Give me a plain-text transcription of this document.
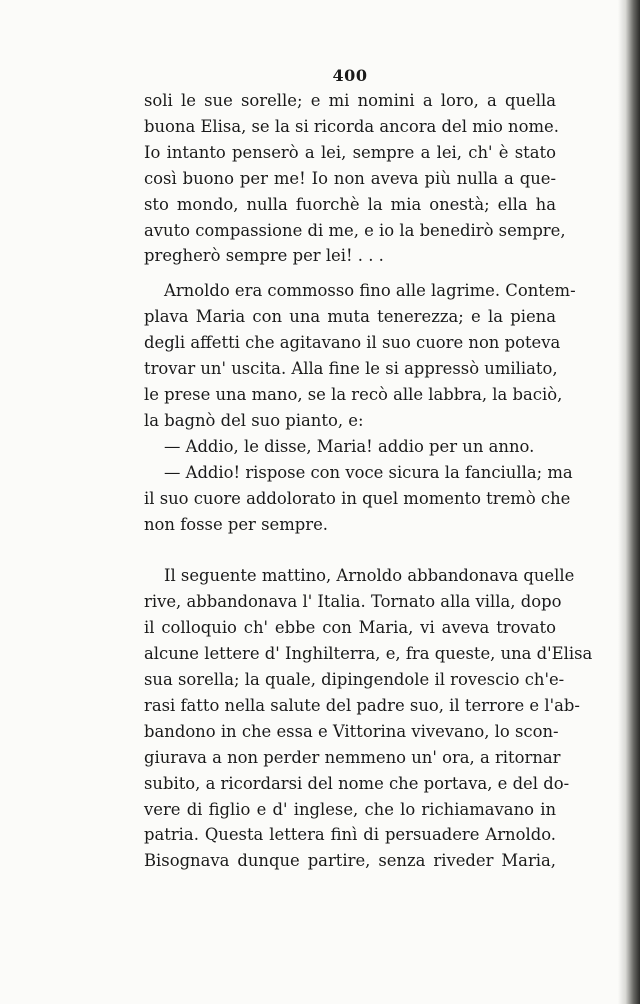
400
soli le sue sorelle; e mi nomini a loro, a quella
buona Elisa, se la si ricorda ancora del mio nome.
Io intanto penserò a lei, sempre a lei, ch' è stato
così buono per me! Io non aveva più nulla a que-
sto mondo, nulla fuorchè la mia onestà; ella ha
avuto compassione di me, e io la benedirò sempre,
pregherò sempre per lei! . . .
Arnoldo era commosso fino alle lagrime. Contem-
plava Maria con una muta tenerezza; e la piena
degli affetti che agitavano il suo cuore non poteva
trovar un' uscita. Alla fine le si appressò umiliato,
le prese una mano, se la recò alle labbra, la baciò,
la bagnò del suo pianto, e:
— Addio, le disse, Maria! addio per un anno.
— Addio! rispose con voce sicura la fanciulla; ma
il suo cuore addolorato in quel momento tremò che
non fosse per sempre.
Il seguente mattino, Arnoldo abbandonava quelle
rive, abbandonava l' Italia. Tornato alla villa, dopo
il colloquio ch' ebbe con Maria, vi aveva trovato
alcune lettere d' Inghilterra, e, fra queste, una d'Elisa
sua sorella; la quale, dipingendole il rovescio ch'e-
rasi fatto nella salute del padre suo, il terrore e l'ab-
bandono in che essa e Vittorina vivevano, lo scon-
giurava a non perder nemmeno un' ora, a ritornar
subito, a ricordarsi del nome che portava, e del do-
vere di figlio e d' inglese, che lo richiamavano in
patria. Questa lettera finì di persuadere Arnoldo.
Bisognava dunque partire, senza riveder Maria,
